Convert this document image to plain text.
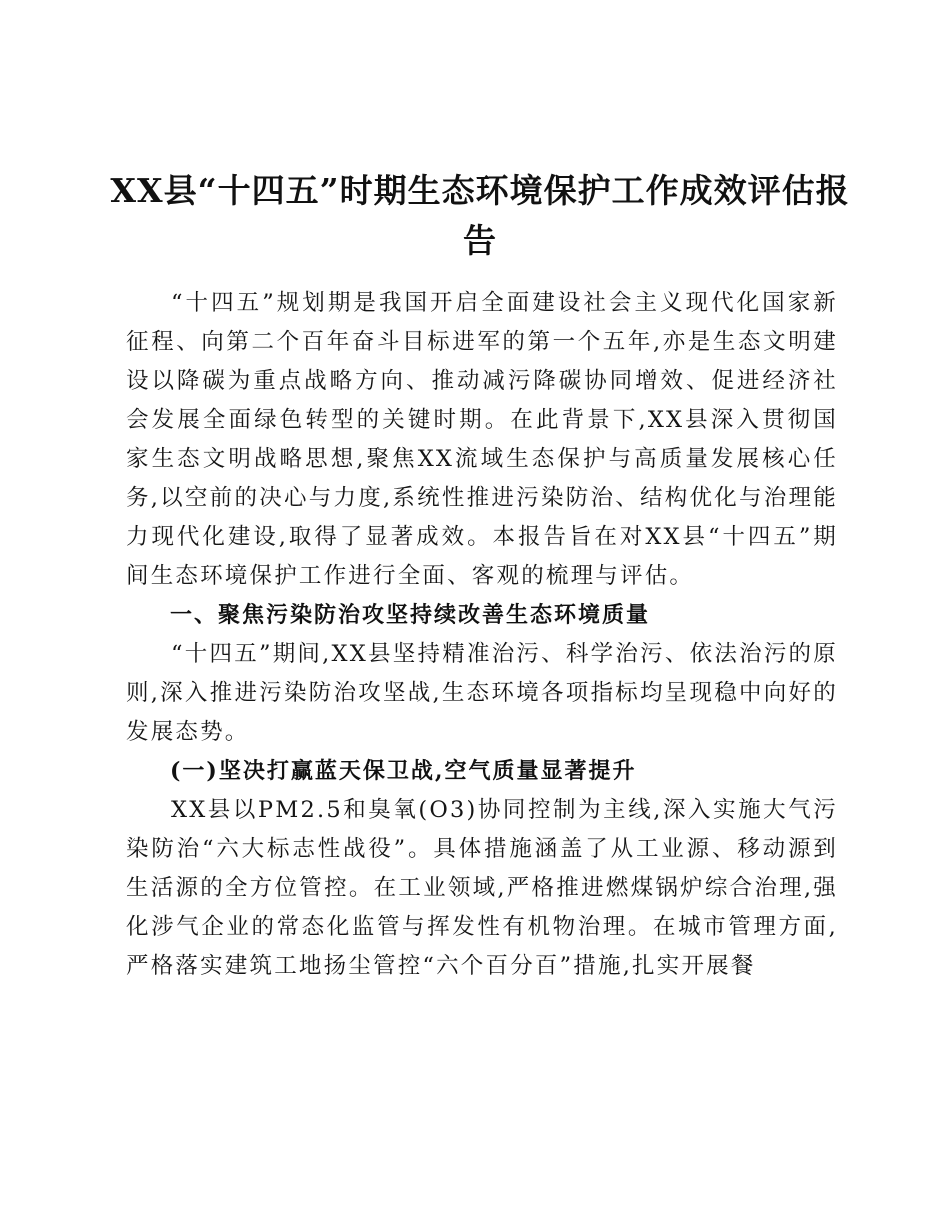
XX县“十四五”时期生态环境保护工作成效评估报告

“十四五”规划期是我国开启全面建设社会主义现代化国家新征程、向第二个百年奋斗目标进军的第一个五年,亦是生态文明建设以降碳为重点战略方向、推动减污降碳协同增效、促进经济社会发展全面绿色转型的关键时期。在此背景下,XX县深入贯彻国家生态文明战略思想,聚焦XX流域生态保护与高质量发展核心任务,以空前的决心与力度,系统性推进污染防治、结构优化与治理能力现代化建设,取得了显著成效。本报告旨在对XX县“十四五”期间生态环境保护工作进行全面、客观的梳理与评估。

一、聚焦污染防治攻坚持续改善生态环境质量

“十四五”期间,XX县坚持精准治污、科学治污、依法治污的原则,深入推进污染防治攻坚战,生态环境各项指标均呈现稳中向好的发展态势。

(一)坚决打赢蓝天保卫战,空气质量显著提升

XX县以PM2.5和臭氧(O3)协同控制为主线,深入实施大气污染防治“六大标志性战役”。具体措施涵盖了从工业源、移动源到生活源的全方位管控。在工业领域,严格推进燃煤锅炉综合治理,强化涉气企业的常态化监管与挥发性有机物治理。在城市管理方面,严格落实建筑工地扬尘管控“六个百分百”措施,扎实开展餐
